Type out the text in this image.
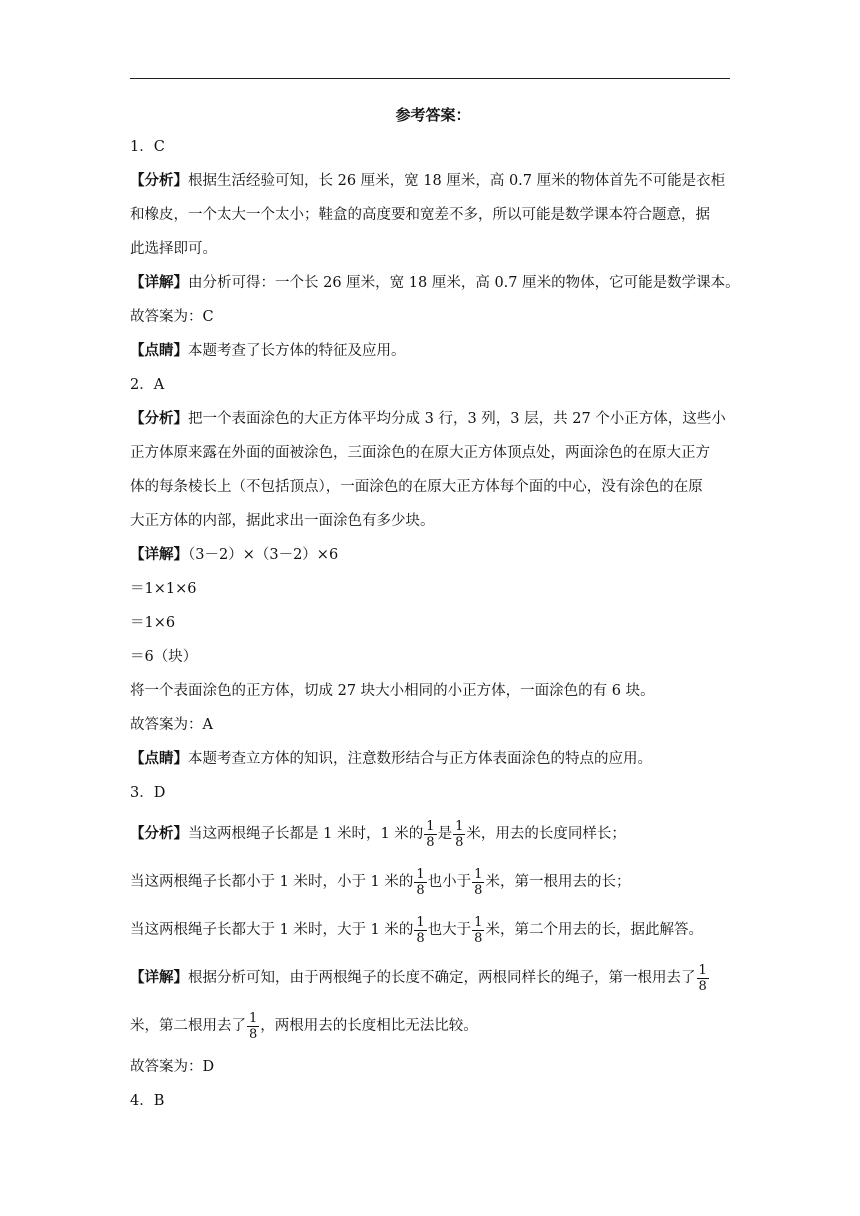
参考答案：
1．C
【分析】根据生活经验可知，长 26 厘米，宽 18 厘米，高 0.7 厘米的物体首先不可能是衣柜
和橡皮，一个太大一个太小；鞋盒的高度要和宽差不多，所以可能是数学课本符合题意，据
此选择即可。
【详解】由分析可得：一个长 26 厘米，宽 18 厘米，高 0.7 厘米的物体，它可能是数学课本。
故答案为：C
【点睛】本题考查了长方体的特征及应用。
2．A
【分析】把一个表面涂色的大正方体平均分成 3 行，3 列，3 层，共 27 个小正方体，这些小
正方体原来露在外面的面被涂色，三面涂色的在原大正方体顶点处，两面涂色的在原大正方
体的每条棱长上（不包括顶点），一面涂色的在原大正方体每个面的中心，没有涂色的在原
大正方体的内部，据此求出一面涂色有多少块。
【详解】（3－2）×（3－2）×6
＝1×1×6
＝1×6
＝6（块）
将一个表面涂色的正方体，切成 27 块大小相同的小正方体，一面涂色的有 6 块。
故答案为：A
【点睛】本题考查立方体的知识，注意数形结合与正方体表面涂色的特点的应用。
3．D
【分析】当这两根绳子长都是 1 米时，1 米的 $\frac{1}{8}$ 是 $\frac{1}{8}$ 米，用去的长度同样长；
当这两根绳子长都小于 1 米时，小于 1 米的 $\frac{1}{8}$ 也小于 $\frac{1}{8}$ 米，第一根用去的长；
当这两根绳子长都大于 1 米时，大于 1 米的 $\frac{1}{8}$ 也大于 $\frac{1}{8}$ 米，第二个用去的长，据此解答。
【详解】根据分析可知，由于两根绳子的长度不确定，两根同样长的绳子，第一根用去了 $\frac{1}{8}$
米，第二根用去了 $\frac{1}{8}$ ，两根用去的长度相比无法比较。
故答案为：D
4．B
